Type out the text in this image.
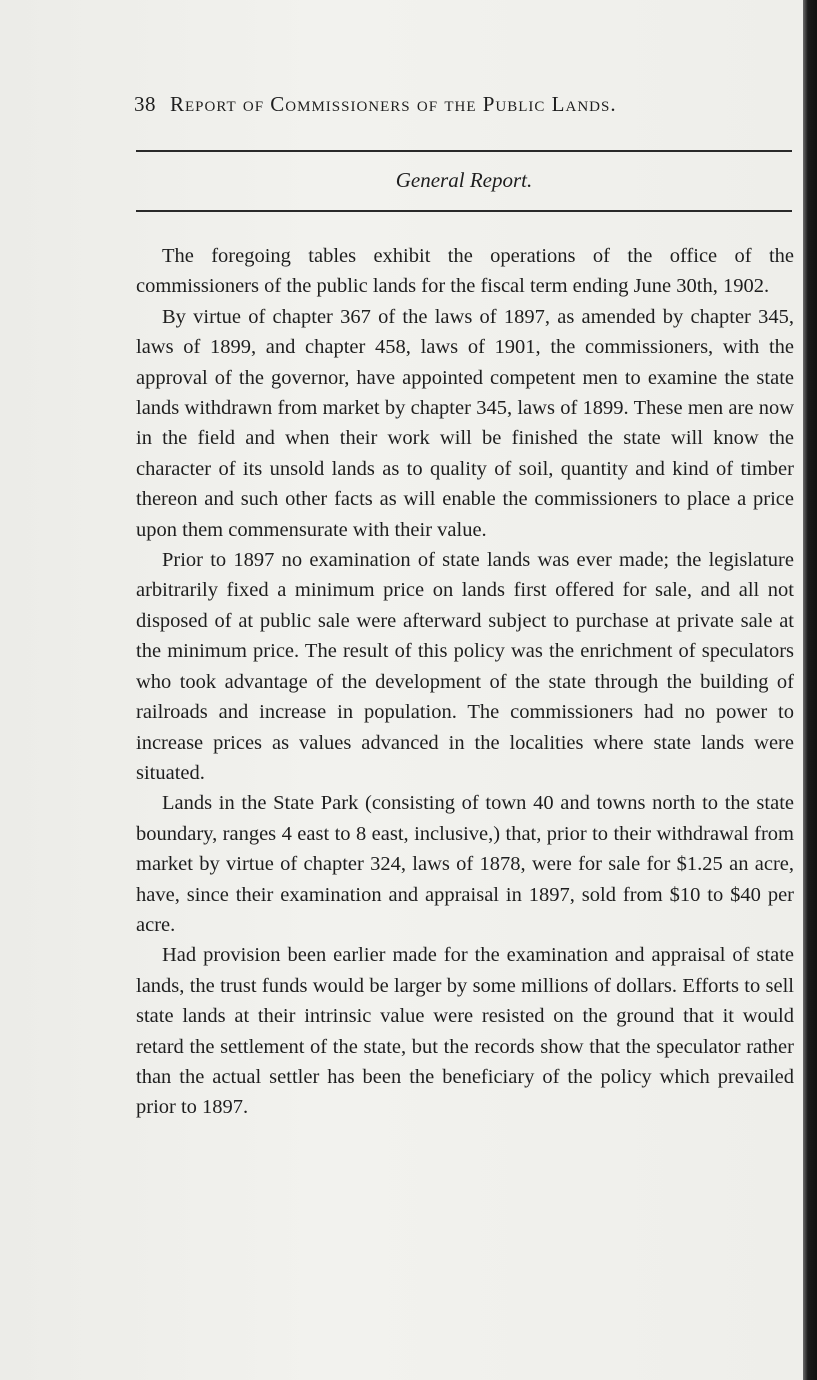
38 Report of Commissioners of the Public Lands.
General Report.

The foregoing tables exhibit the operations of the office of the commissioners of the public lands for the fiscal term ending June 30th, 1902.

By virtue of chapter 367 of the laws of 1897, as amended by chapter 345, laws of 1899, and chapter 458, laws of 1901, the commissioners, with the approval of the governor, have appointed competent men to examine the state lands withdrawn from market by chapter 345, laws of 1899. These men are now in the field and when their work will be finished the state will know the character of its unsold lands as to quality of soil, quantity and kind of timber thereon and such other facts as will enable the commissioners to place a price upon them commensurate with their value.

Prior to 1897 no examination of state lands was ever made; the legislature arbitrarily fixed a minimum price on lands first offered for sale, and all not disposed of at public sale were afterward subject to purchase at private sale at the minimum price. The result of this policy was the enrichment of speculators who took advantage of the development of the state through the building of railroads and increase in population. The commissioners had no power to increase prices as values advanced in the localities where state lands were situated.

Lands in the State Park (consisting of town 40 and towns north to the state boundary, ranges 4 east to 8 east, inclusive,) that, prior to their withdrawal from market by virtue of chapter 324, laws of 1878, were for sale for $1.25 an acre, have, since their examination and appraisal in 1897, sold from $10 to $40 per acre.

Had provision been earlier made for the examination and appraisal of state lands, the trust funds would be larger by some millions of dollars. Efforts to sell state lands at their intrinsic value were resisted on the ground that it would retard the settlement of the state, but the records show that the speculator rather than the actual settler has been the beneficiary of the policy which prevailed prior to 1897.
